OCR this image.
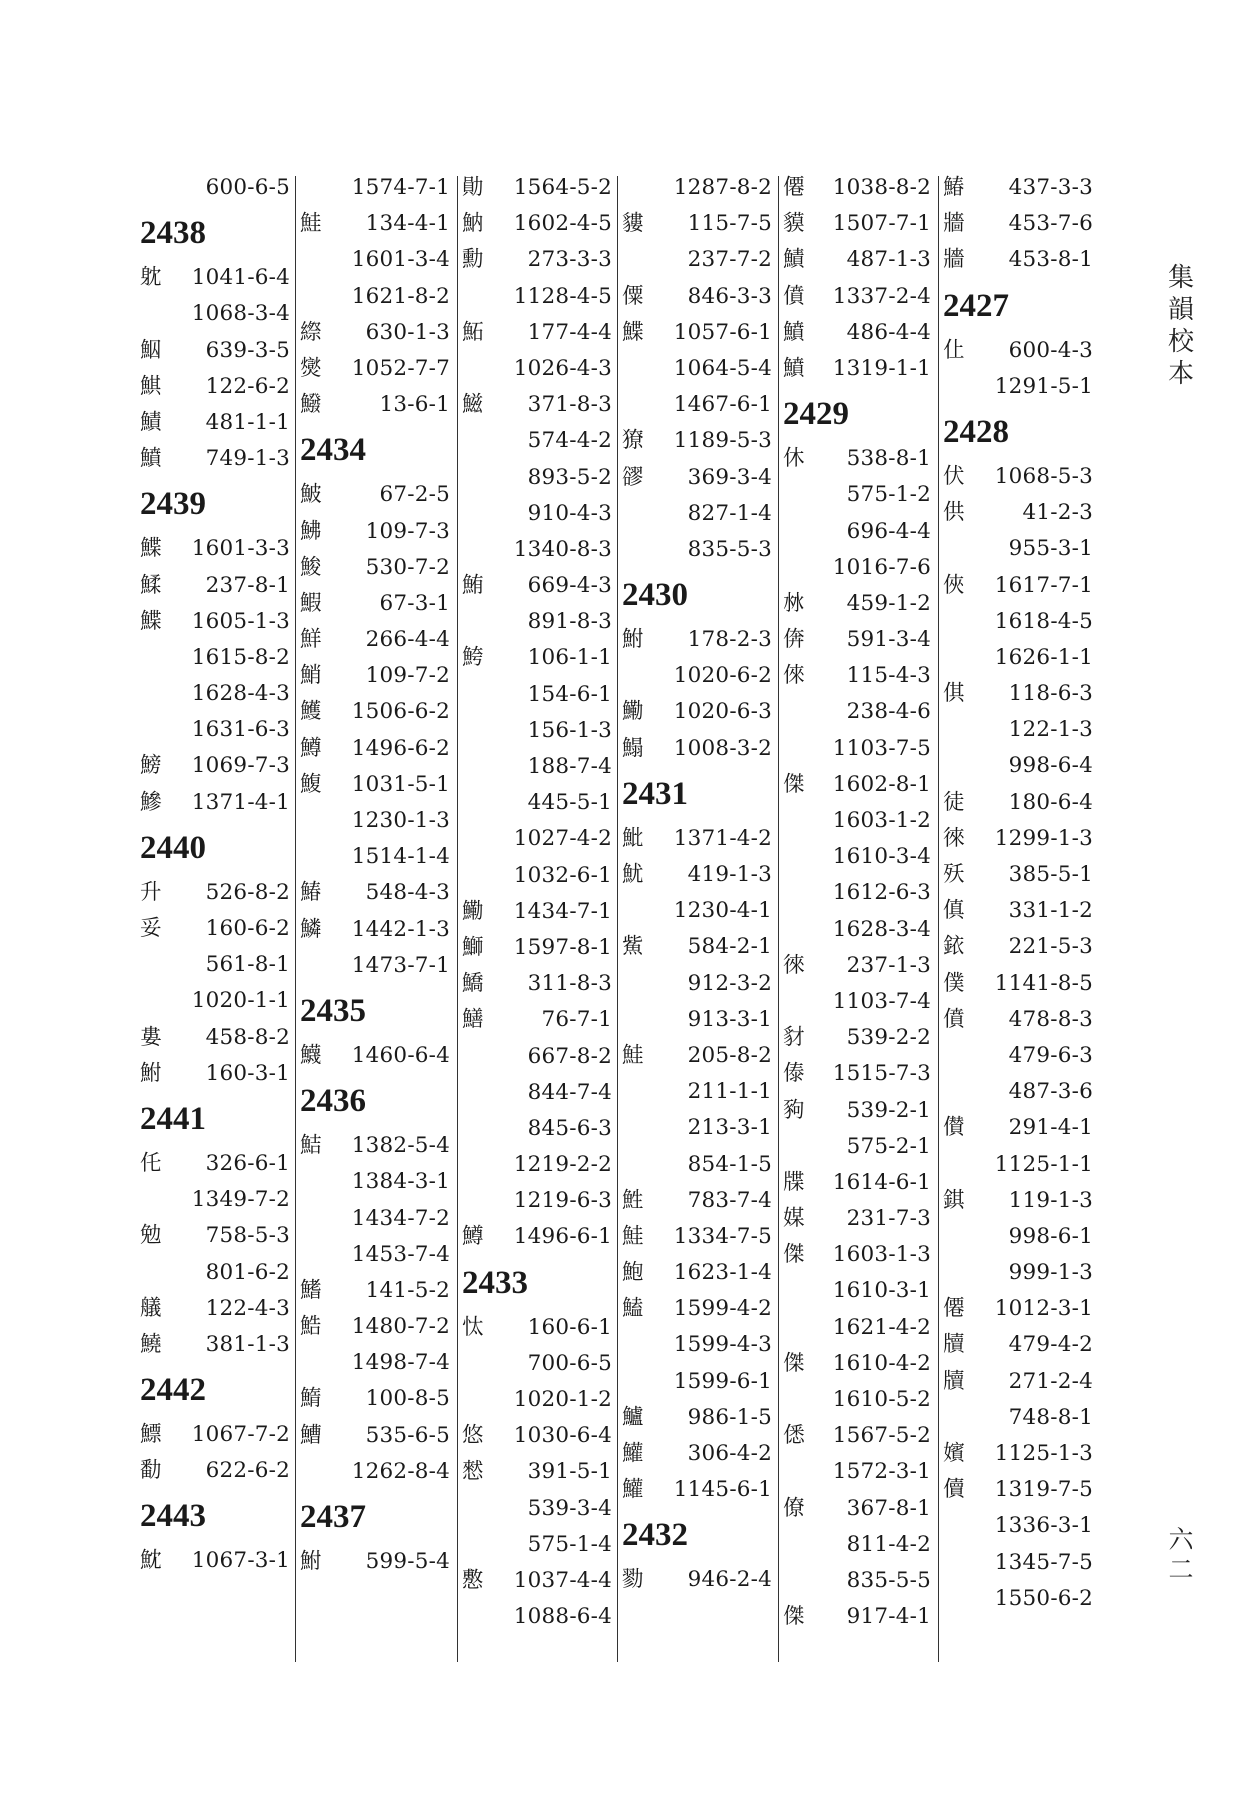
600-6-5
2438
躭	1041-6-4
1068-3-4
鮂	639-3-5
鯕	122-6-2
鰿	481-1-1
鱝	749-1-3
2439
鰈	1601-3-3
鰇	237-8-1
鰈	1605-1-3
1615-8-2
1628-4-3
1631-6-3
鰟	1069-7-3
鰺	1371-4-1
2440
升	526-8-2
妥	160-6-2
561-8-1
1020-1-1
婁	458-8-2
鮒	160-3-1
2441
仛	326-6-1
1349-7-2
勉	758-5-3
801-6-2
艤	122-4-3
鱙	381-1-3
2442
鰾	1067-7-2
勫	622-6-2
2443
魫	1067-3-1
1574-7-1
鮭	134-4-1
1601-3-4
1621-8-2
縩	630-1-3
爕	1052-7-7
鱍	13-6-1
2434
鮍	67-2-5
鮄	109-7-3
鮻	530-7-2
鰕	67-3-1
鮮	266-4-4
鮹	109-7-2
鱯	1506-6-2
鱒	1496-6-2
鰒	1031-5-1
1230-1-3
1514-1-4
鰆	548-4-3
鱗	1442-1-3
1473-7-1
2435
鱴	1460-6-4
2436
鮚	1382-5-4
1384-3-1
1434-7-2
1453-7-4
鰭	141-5-2
鯌	1480-7-2
1498-7-4
鰖	100-8-5
鰽	535-6-5
1262-8-4
2437
鮒	599-5-4
勛	1564-5-2
魶	1602-4-5
勳	273-3-3
1128-4-5
鮖	177-4-4
1026-4-3
鰦	371-8-3
574-4-2
893-5-2
910-4-3
1340-8-3
鮪	669-4-3
891-8-3
鮬	106-1-1
154-6-1
156-1-3
188-7-4
445-5-1
1027-4-2
1032-6-1
鰳	1434-7-1
鰤	1597-8-1
鱎	311-8-3
鱔	76-7-1
667-8-2
844-7-4
845-6-3
1219-2-2
1219-6-3
鱒	1496-6-1
2433
忲	160-6-1
700-6-5
1020-1-2
悠	1030-6-4
憖	391-5-1
539-3-4
575-1-4
懯	1037-4-4
1088-6-4
1287-8-2
貗	115-7-5
237-7-2
僳	846-3-3
鰈	1057-6-1
1064-5-4
1467-6-1
獠	1189-5-3
豂	369-3-4
827-1-4
835-5-3
2430
鮒	178-2-3
1020-6-2
鰳	1020-6-3
鰨	1008-3-2
2431
魮	1371-4-2
魷	419-1-3
1230-4-1
鮆	584-2-1
912-3-2
913-3-1
鮭	205-8-2
211-1-1
213-3-1
854-1-5
鮏	783-7-4
鮭	1334-7-5
鮑	1623-1-4
鰪	1599-4-2
1599-4-3
1599-6-1
鱸	986-1-5
鱹	306-4-2
鱹	1145-6-1
2432
勠	946-2-4
僊	1038-8-2
貘	1507-7-1
鰿	487-1-3
僨	1337-2-4
鱝	486-4-4
鱝	1319-1-1
2429
休	538-8-1
575-1-2
696-4-4
1016-7-6
沝	459-1-2
倴	591-3-4
倈	115-4-3
238-4-6
1103-7-5
傑	1602-8-1
1603-1-2
1610-3-4
1612-6-3
1628-3-4
徠	237-1-3
1103-7-4
豺	539-2-2
傣	1515-7-3
豞	539-2-1
575-2-1
牒	1614-6-1
媒	231-7-3
傑	1603-1-3
1610-3-1
1621-4-2
傑	1610-4-2
1610-5-2
僁	1567-5-2
1572-3-1
僚	367-8-1
811-4-2
835-5-5
傑	917-4-1
鰆	437-3-3
牆	453-7-6
牆	453-8-1
2427
仩	600-4-3
1291-5-1
2428
伏	1068-5-3
供	41-2-3
955-3-1
俠	1617-7-1
1618-4-5
1626-1-1
倛	118-6-3
122-1-3
998-6-4
徒	180-6-4
徠	1299-1-3
殀	385-5-1
傎	331-1-2
銥	221-5-3
僕	1141-8-5
僨	478-8-3
479-6-3
487-3-6
儧	291-4-1
1125-1-1
錤	119-1-3
998-6-1
999-1-3
僊	1012-3-1
牘	479-4-2
牘	271-2-4
748-8-1
嬪	1125-1-3
儥	1319-7-5
1336-3-1
1345-7-5
1550-6-2
集
韻
校
本
六
二
